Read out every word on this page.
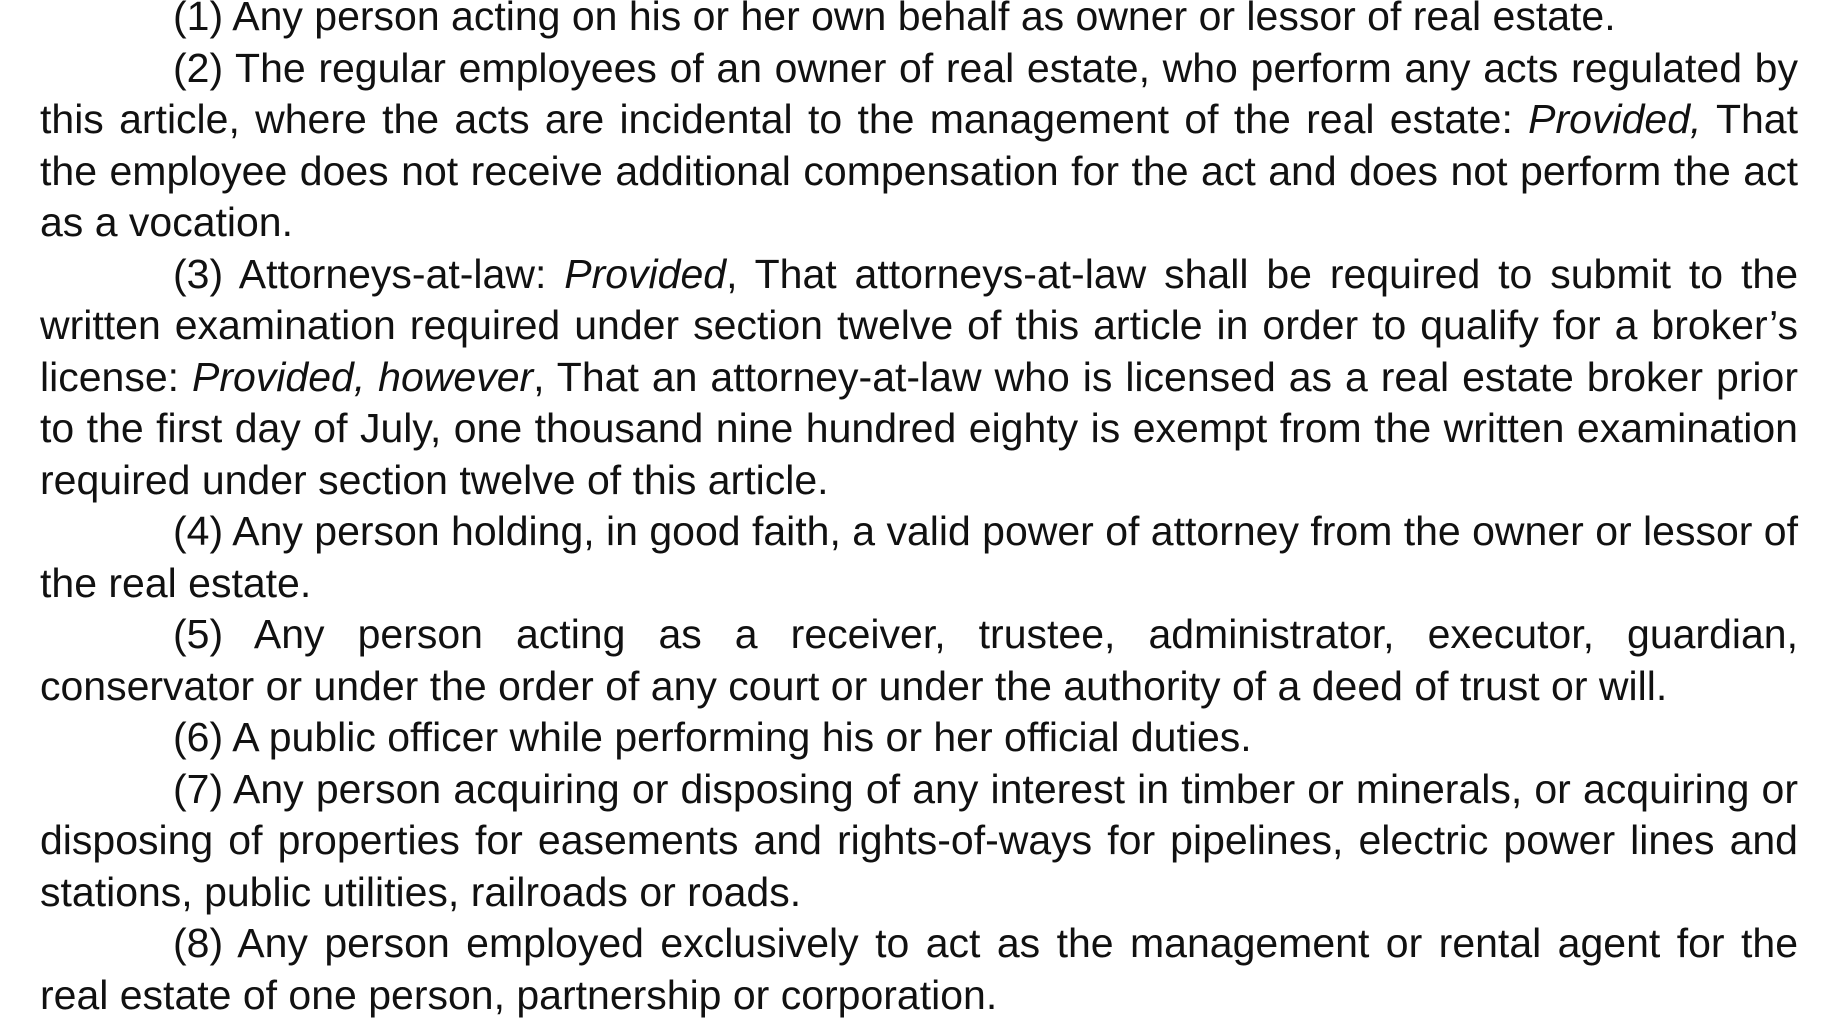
(1) Any person acting on his or her own behalf as owner or lessor of real estate.

(2) The regular employees of an owner of real estate, who perform any acts regulated by this article, where the acts are incidental to the management of the real estate: Provided, That the employee does not receive additional compensation for the act and does not perform the act as a vocation.

(3) Attorneys-at-law: Provided, That attorneys-at-law shall be required to submit to the written examination required under section twelve of this article in order to qualify for a broker’s license: Provided, however, That an attorney-at-law who is licensed as a real estate broker prior to the first day of July, one thousand nine hundred eighty is exempt from the written examination required under section twelve of this article.

(4) Any person holding, in good faith, a valid power of attorney from the owner or lessor of the real estate.

(5) Any person acting as a receiver, trustee, administrator, executor, guardian, conservator or under the order of any court or under the authority of a deed of trust or will.

(6) A public officer while performing his or her official duties.

(7) Any person acquiring or disposing of any interest in timber or minerals, or acquiring or disposing of properties for easements and rights-of-ways for pipelines, electric power lines and stations, public utilities, railroads or roads.

(8) Any person employed exclusively to act as the management or rental agent for the real estate of one person, partnership or corporation.
